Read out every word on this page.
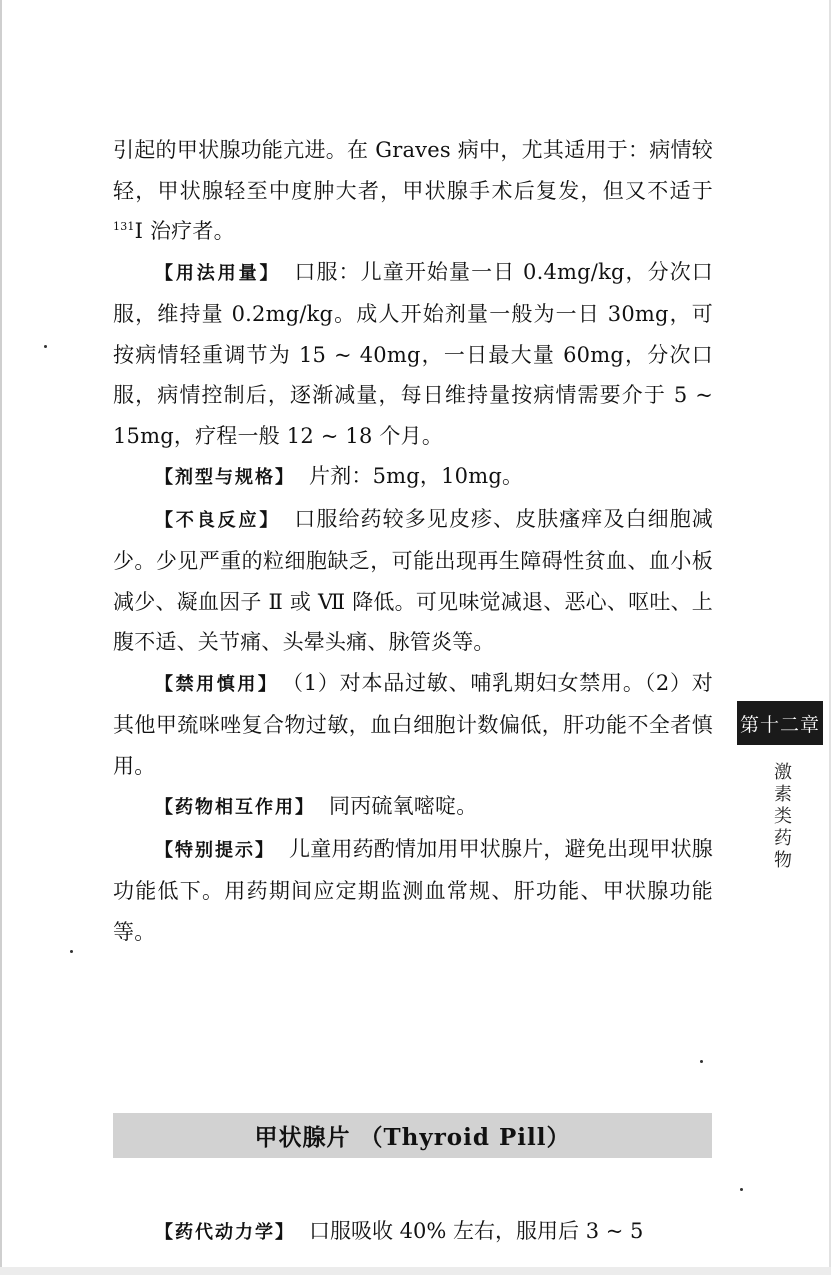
引起的甲状腺功能亢进。在 Graves 病中，尤其适用于：病情较轻，甲状腺轻至中度肿大者，甲状腺手术后复发，但又不适于$^{131}$I 治疗者。

【用法用量】 口服：儿童开始量一日 0.4mg/kg，分次口服，维持量 0.2mg/kg。成人开始剂量一般为一日 30mg，可按病情轻重调节为 15 ~ 40mg，一日最大量 60mg，分次口服，病情控制后，逐渐减量，每日维持量按病情需要介于 5 ~ 15mg，疗程一般 12 ~ 18 个月。

【剂型与规格】 片剂：5mg，10mg。

【不良反应】 口服给药较多见皮疹、皮肤瘙痒及白细胞减少。少见严重的粒细胞缺乏，可能出现再生障碍性贫血、血小板减少、凝血因子 Ⅱ 或 Ⅶ 降低。可见味觉减退、恶心、呕吐、上腹不适、关节痛、头晕头痛、脉管炎等。

【禁用慎用】 （1）对本品过敏、哺乳期妇女禁用。（2）对其他甲巯咪唑复合物过敏，血白细胞计数偏低，肝功能不全者慎用。

【药物相互作用】 同丙硫氧嘧啶。

【特别提示】 儿童用药酌情加用甲状腺片，避免出现甲状腺功能低下。用药期间应定期监测血常规、肝功能、甲状腺功能等。

甲状腺片 （Thyroid Pill）
【药代动力学】 口服吸收 40% 左右，服用后 3 ~ 5
第十二章
激素类药物
